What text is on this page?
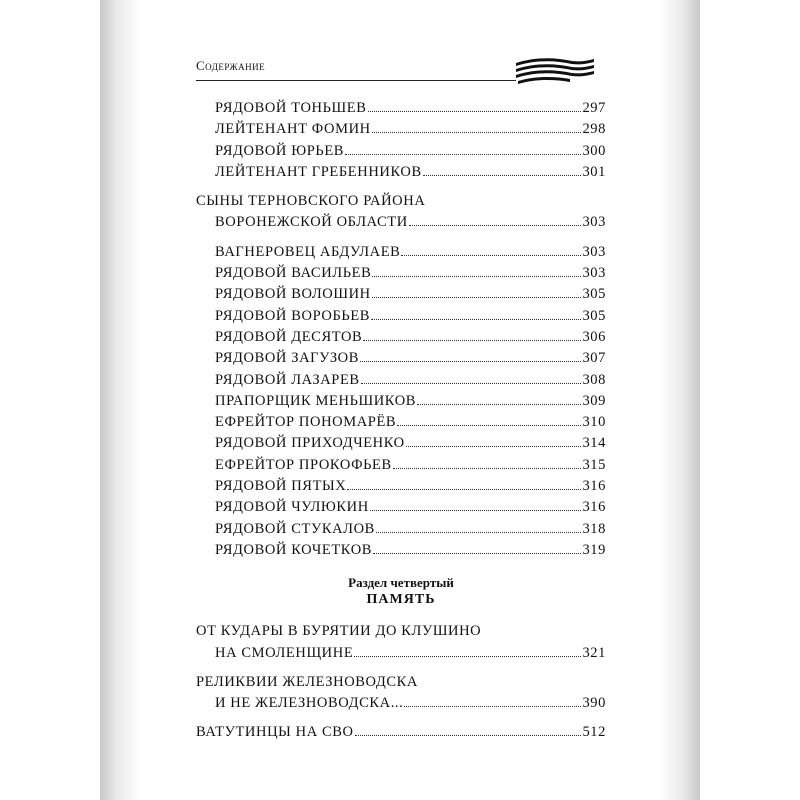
Содержание
РЯДОВОЙ ТОНЬШЕВ	297
ЛЕЙТЕНАНТ ФОМИН	298
РЯДОВОЙ ЮРЬЕВ	300
ЛЕЙТЕНАНТ ГРЕБЕННИКОВ	301
СЫНЫ ТЕРНОВСКОГО РАЙОНА
ВОРОНЕЖСКОЙ ОБЛАСТИ	303
ВАГНЕРОВЕЦ АБДУЛАЕВ	303
РЯДОВОЙ ВАСИЛЬЕВ	303
РЯДОВОЙ ВОЛОШИН	305
РЯДОВОЙ ВОРОБЬЕВ	305
РЯДОВОЙ ДЕСЯТОВ	306
РЯДОВОЙ ЗАГУЗОВ	307
РЯДОВОЙ ЛАЗАРЕВ	308
ПРАПОРЩИК МЕНЬШИКОВ	309
ЕФРЕЙТОР ПОНОМАРЁВ	310
РЯДОВОЙ ПРИХОДЧЕНКО	314
ЕФРЕЙТОР ПРОКОФЬЕВ	315
РЯДОВОЙ ПЯТЫХ	316
РЯДОВОЙ ЧУЛЮКИН	316
РЯДОВОЙ СТУКАЛОВ	318
РЯДОВОЙ КОЧЕТКОВ	319
Раздел четвертый
ПАМЯТЬ
ОТ КУДАРЫ В БУРЯТИИ ДО КЛУШИНО
НА СМОЛЕНЩИНЕ	321
РЕЛИКВИИ ЖЕЛЕЗНОВОДСКА
И НЕ ЖЕЛЕЗНОВОДСКА...	390
ВАТУТИНЦЫ НА СВО	512
